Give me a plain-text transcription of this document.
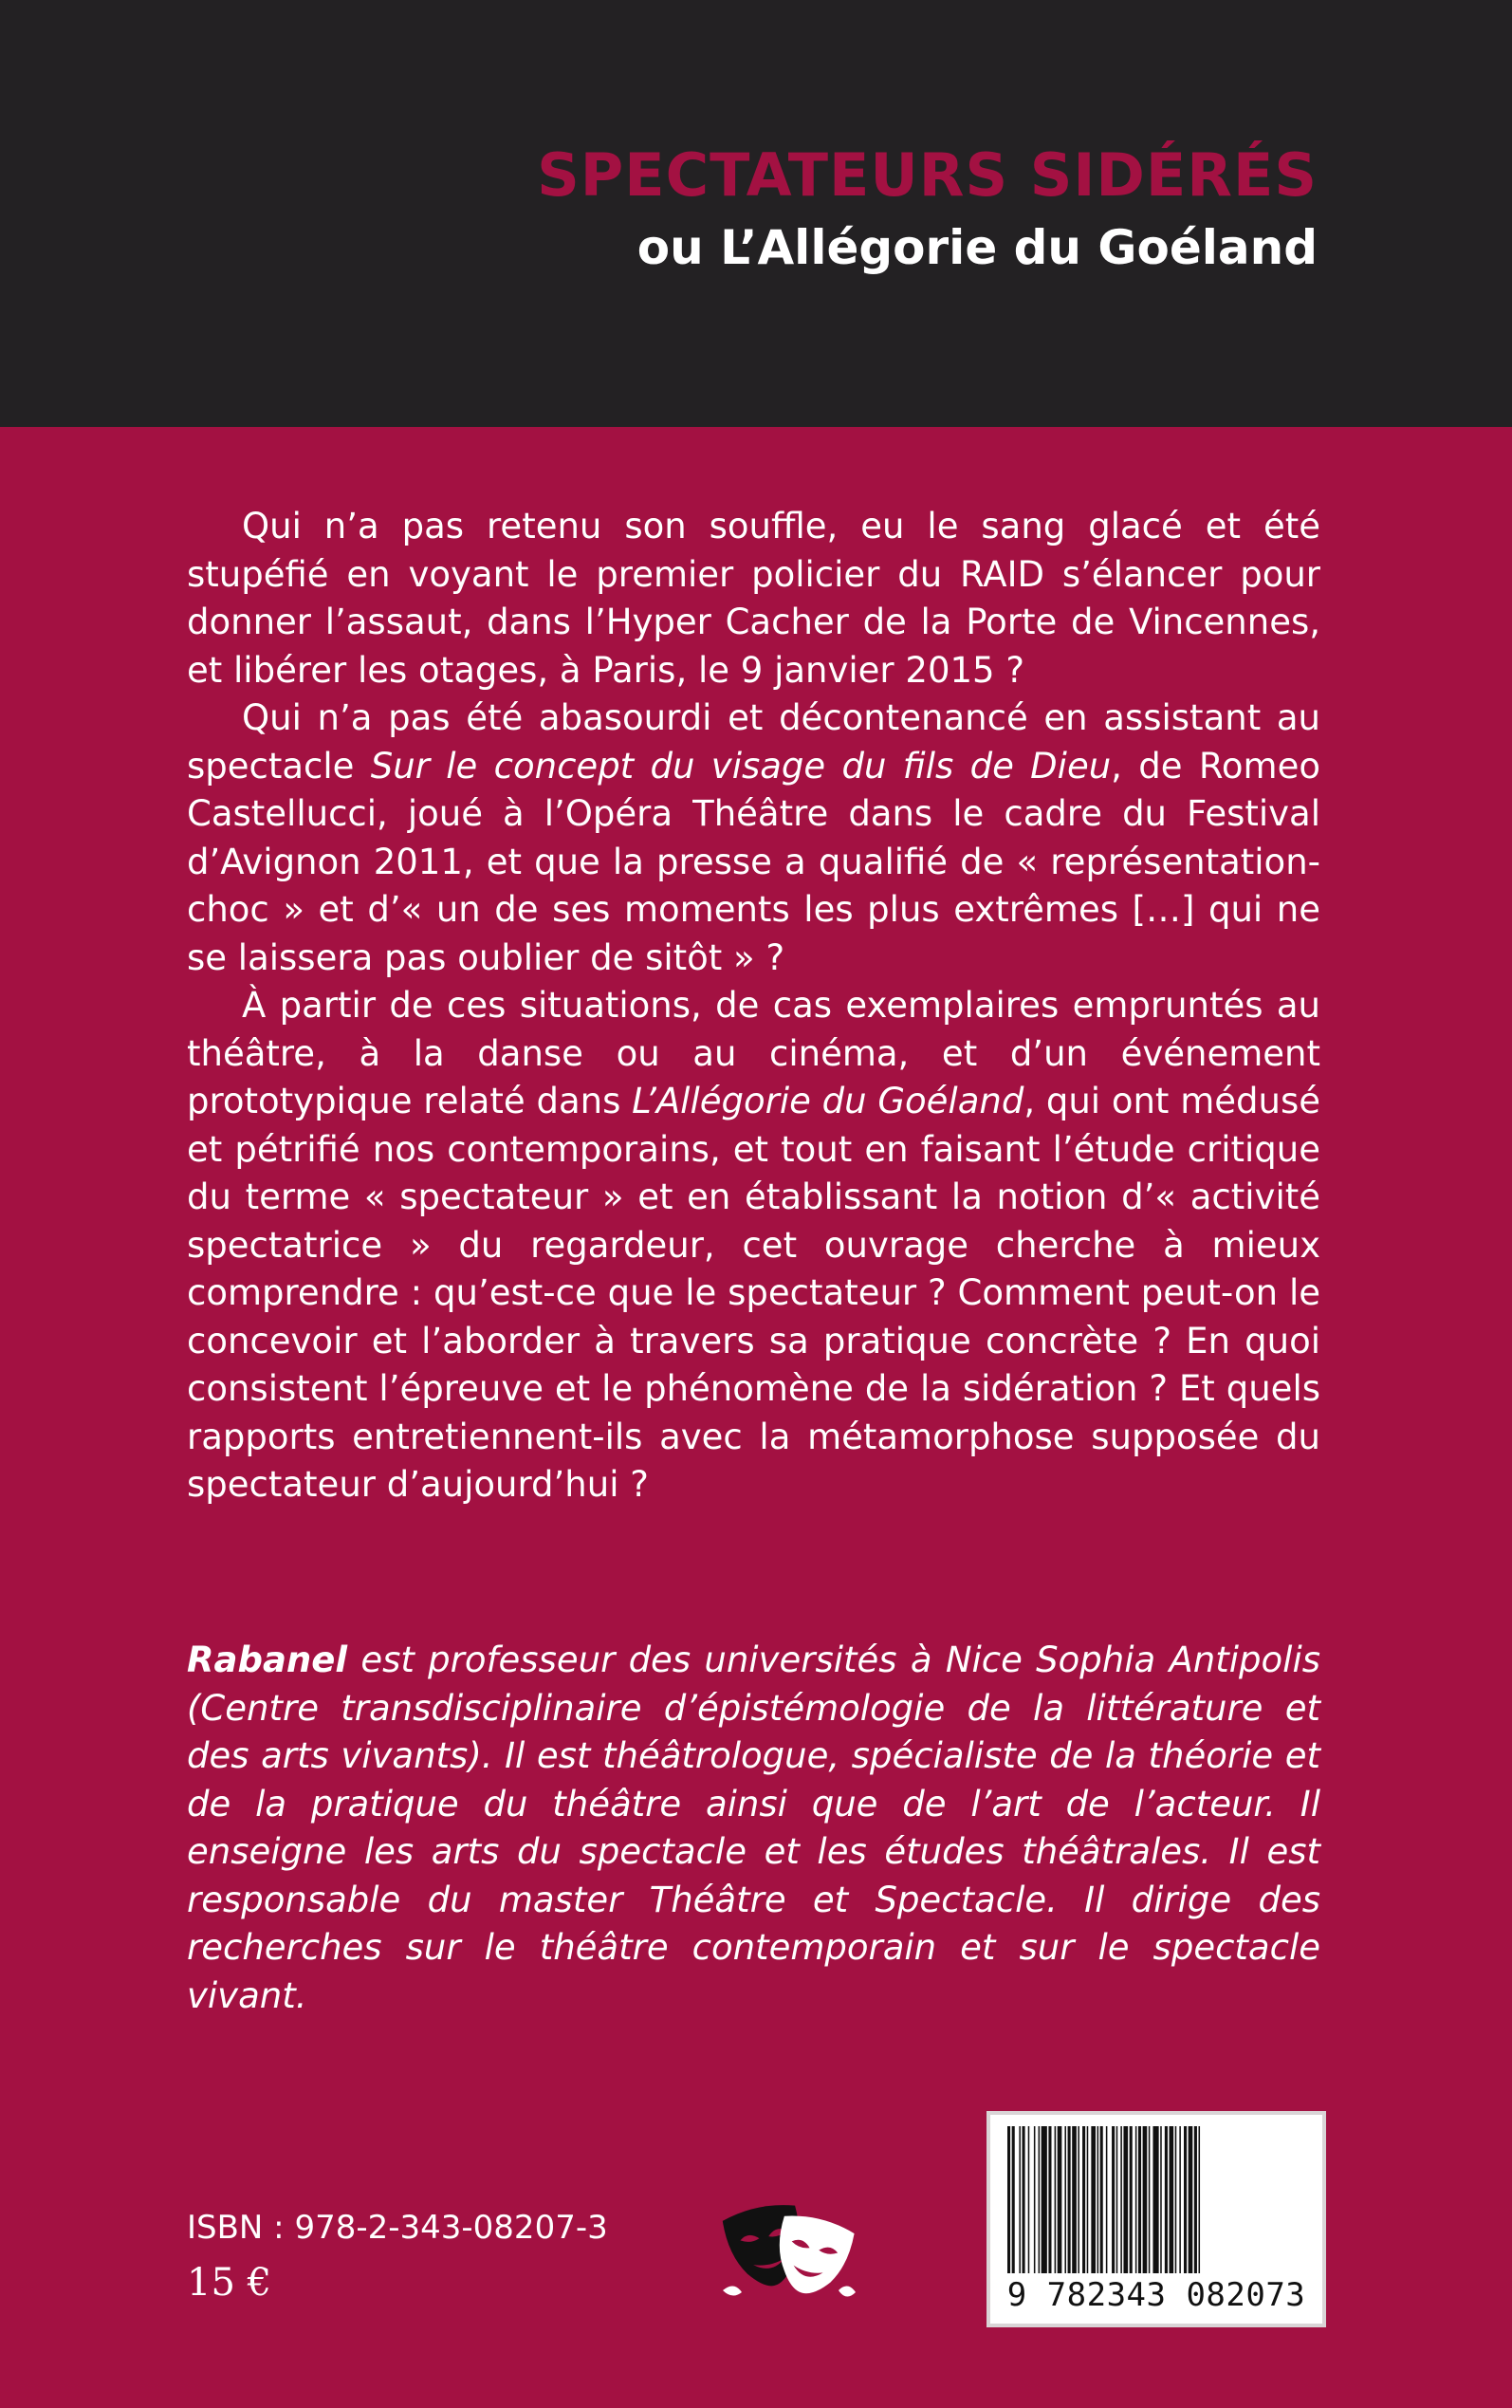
SPECTATEURS SIDÉRÉS
ou L’Allégorie du Goéland

Qui n’a pas retenu son souffle, eu le sang glacé et été stupéfié en voyant le premier policier du RAID s’élancer pour donner l’assaut, dans l’Hyper Cacher de la Porte de Vincennes, et libérer les otages, à Paris, le 9 janvier 2015 ?

Qui n’a pas été abasourdi et décontenancé en assistant au spectacle Sur le concept du visage du fils de Dieu, de Romeo Castellucci, joué à l’Opéra Théâtre dans le cadre du Festival d’Avignon 2011, et que la presse a qualifié de « représentation-choc » et d’« un de ses moments les plus extrêmes […] qui ne se laissera pas oublier de sitôt » ?

À partir de ces situations, de cas exemplaires empruntés au théâtre, à la danse ou au cinéma, et d’un événement prototypique relaté dans L’Allégorie du Goéland, qui ont médusé et pétrifié nos contemporains, et tout en faisant l’étude critique du terme « spectateur » et en établissant la notion d’« activité spectatrice » du regardeur, cet ouvrage cherche à mieux comprendre : qu’est-ce que le spectateur ? Comment peut-on le concevoir et l’aborder à travers sa pratique concrète ? En quoi consistent l’épreuve et le phénomène de la sidération ? Et quels rapports entretiennent-ils avec la métamorphose supposée du spectateur d’aujourd’hui ?

Rabanel est professeur des universités à Nice Sophia Antipolis (Centre transdisciplinaire d’épistémologie de la littérature et des arts vivants). Il est théâtrologue, spécialiste de la théorie et de la pratique du théâtre ainsi que de l’art de l’acteur. Il enseigne les arts du spectacle et les études théâtrales. Il est responsable du master Théâtre et Spectacle. Il dirige des recherches sur le théâtre contemporain et sur le spectacle vivant.

ISBN : 978-2-343-08207-3
15 €	9 782343 082073
